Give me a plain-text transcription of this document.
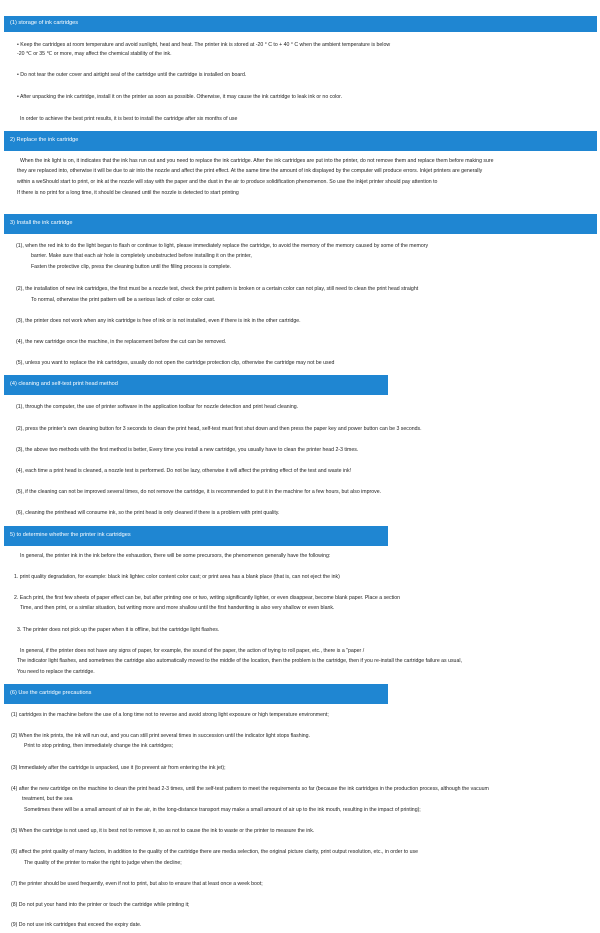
(1) storage of ink cartridges
• Keep the cartridges at room temperature and avoid sunlight, heat and heat. The printer ink is stored at -20 ° C to + 40 ° C when the ambient temperature is below
-20 ℃ or 35 ℃ or more, may affect the chemical stability of the ink.
• Do not tear the outer cover and airtight seal of the cartridge until the cartridge is installed on board.
• After unpacking the ink cartridge, install it on the printer as soon as possible. Otherwise, it may cause the ink cartridge to leak ink or no color.
In order to achieve the best print results, it is best to install the cartridge after six months of use
2) Replace the ink cartridge
When the ink light is on, it indicates that the ink has run out and you need to replace the ink cartridge. After the ink cartridges are put into the printer, do not remove them and replace them before making sure
they are replaced into, otherwise it will be due to air into the nozzle and affect the print effect. At the same time the amount of ink displayed by the computer will produce errors. Inkjet printers are generally
within a weShould start to print, or ink at the nozzle will stay with the paper and the dust in the air to produce solidification phenomenon. So use the inkjet printer should pay attention to
If there is no print for a long time, it should be cleaned until the nozzle is detected to start printing
3) Install the ink cartridge
(1), when the red ink to do the light began to flash or continue to light, please immediately replace the cartridge, to avoid the memory of the memory caused by some of the memory
barrier. Make sure that each air hole is completely unobstructed before installing it on the printer,
Fasten the protective clip, press the cleaning button until the filling process is complete.
(2), the installation of new ink cartridges, the first must be a nozzle test, check the print pattern is broken or a certain color can not play, still need to clean the print head straight
To normal, otherwise the print pattern will be a serious lack of color or color cast.
(3), the printer does not work when any ink cartridge is free of ink or is not installed, even if there is ink in the other cartridge.
(4), the new cartridge once the machine, in the replacement before the cut can be removed.
(5), unless you want to replace the ink cartridges, usually do not open the cartridge protection clip, otherwise the cartridge may not be used
(4) cleaning and self-test print head method
(1), through the computer, the use of printer software in the application toolbar for nozzle detection and print head cleaning.
(2), press the printer's own cleaning button for 3 seconds to clean the print head, self-test must first shut down and then press the paper key and power button can be 3 seconds.
(3), the above two methods with the first method is better, Every time you install a new cartridge, you usually have to clean the printer head 2-3 times.
(4), each time a print head is cleaned, a nozzle test is performed. Do not be lazy, otherwise it will affect the printing effect of the test and waste ink!
(5), if the cleaning can not be improved several times, do not remove the cartridge, it is recommended to put it in the machine for a few hours, but also improve.
(6), cleaning the printhead will consume ink, so the print head is only cleaned if there is a problem with print quality.
5) to determine whether the printer ink cartridges
In general, the printer ink in the ink before the exhaustion, there will be some precursors, the phenomenon generally have the following:
1. print quality degradation, for example: black ink lightec color content color cast; or print area has a blank place (that is, can not eject the ink)
2. Each print, the first few sheets of paper effect can be, but after printing one or two, writing significantly lighter, or even disappear, become blank paper. Place a section
Time, and then print, or a similar situation, but writing more and more shallow until the first handwriting is also very shallow or even blank.
3. The printer does not pick up the paper when it is offline, but the cartridge light flashes.
In general, if the printer does not have any signs of paper, for example, the sound of the paper, the action of trying to roll paper, etc., there is a "paper /
The indicator light flashes, and sometimes the cartridge also automatically moved to the middle of the location, then the problem is the cartridge, then if you re-install the cartridge failure as usual,
You need to replace the cartridge.
(6) Use the cartridge precautions
(1) cartridges in the machine before the use of a long time not to reverse and avoid strong light exposure or high temperature environment;
(2) When the ink prints, the ink will run out, and you can still print several times in succession until the indicator light stops flashing.
Print to stop printing, then immediately change the ink cartridges;
(3) Immediately after the cartridge is unpacked, use it (to prevent air from entering the ink jet);
(4) after the new cartridge on the machine to clean the print head 2-3 times, until the self-test pattern to meet the requirements so far (because the ink cartridges in the production process, although the vacuum
treatment, but the sea
Sometimes there will be a small amount of air in the air, in the long-distance transport may make a small amount of air up to the ink mouth, resulting in the impact of printing);
(5) When the cartridge is not used up, it is best not to remove it, so as not to cause the ink to waste or the printer to measure the ink.
(6) affect the print quality of many factors, in addition to the quality of the cartridge there are media selection, the original picture clarity, print output resolution, etc., in order to use
The quality of the printer to make the right to judge when the decline;
(7) the printer should be used frequently, even if not to print, but also to ensure that at least once a week boot;
(8) Do not put your hand into the printer or touch the cartridge while printing it;
(9) Do not use ink cartridges that exceed the expiry date.
